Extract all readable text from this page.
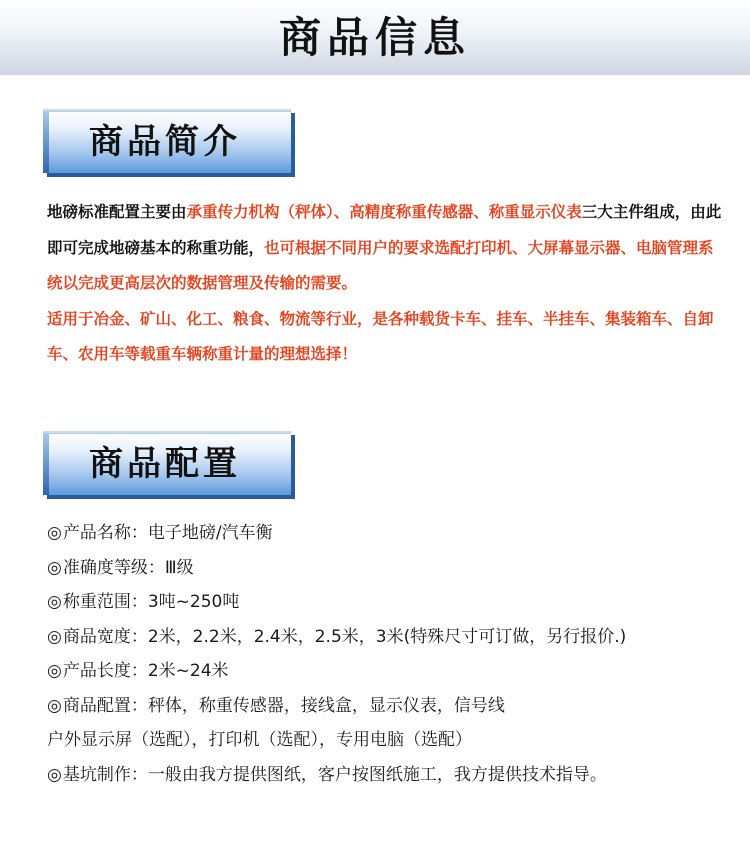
商品信息
商品简介

地磅标准配置主要由承重传力机构（秤体）、高精度称重传感器、称重显示仪表三大主件组成，由此即可完成地磅基本的称重功能，也可根据不同用户的要求选配打印机、大屏幕显示器、电脑管理系统以完成更高层次的数据管理及传输的需要。

适用于冶金、矿山、化工、粮食、物流等行业，是各种载货卡车、挂车、半挂车、集装箱车、自卸车、农用车等载重车辆称重计量的理想选择！

商品配置
◎产品名称：电子地磅/汽车衡
◎准确度等级：Ⅲ级
◎称重范围：3吨~250吨
◎商品宽度：2米，2.2米，2.4米，2.5米，3米(特殊尺寸可订做，另行报价.)
◎产品长度：2米~24米
◎商品配置：秤体，称重传感器，接线盒，显示仪表，信号线
户外显示屏（选配），打印机（选配），专用电脑（选配）
◎基坑制作：一般由我方提供图纸，客户按图纸施工，我方提供技术指导。
